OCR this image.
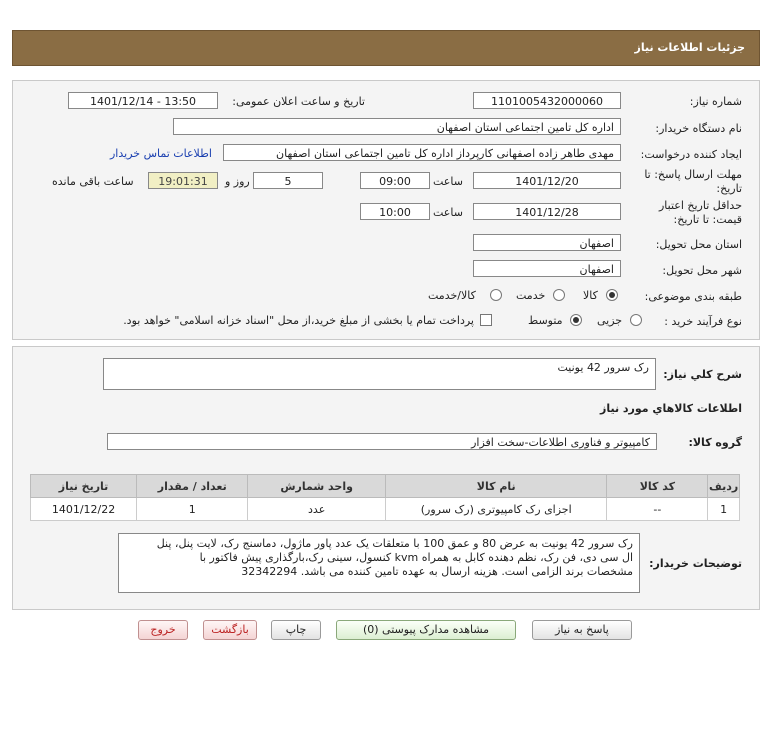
جزئیات اطلاعات نیاز
شماره نیاز:
1101005432000060
تاریخ و ساعت اعلان عمومی:
1401/12/14 - 13:50
نام دستگاه خریدار:
اداره کل تامین اجتماعی استان اصفهان
ایجاد کننده درخواست:
مهدی طاهر زاده اصفهانی کارپرداز اداره کل تامین اجتماعی استان اصفهان
اطلاعات تماس خریدار
مهلت ارسال پاسخ: تا
تاریخ:
1401/12/20
ساعت
09:00
5
روز و
19:01:31
ساعت باقی مانده
حداقل تاریخ اعتبار
قیمت: تا تاریخ:
1401/12/28
ساعت
10:00
استان محل تحویل:
اصفهان
شهر محل تحویل:
اصفهان
طبقه بندی موضوعی:
کالا
خدمت
کالا/خدمت
نوع فرآیند خرید :
جزیی
متوسط
پرداخت تمام یا بخشی از مبلغ خرید،از محل "اسناد خزانه اسلامی" خواهد بود.
شرح كلي نياز:
رک سرور 42 یونیت
اطلاعات كالاهاي مورد نياز
گروه کالا:
کامپیوتر و فناوری اطلاعات-سخت افزار
ردیف	کد کالا	نام کالا	واحد شمارش	تعداد / مقدار	تاریخ نیاز
1	--	اجزای رک کامپیوتری (رک سرور)	عدد	1	1401/12/22
توضیحات خریدار:
رک سرور 42 یونیت به عرض 80 و عمق 100 با متعلقات یک عدد پاور ماژول، دماسنج رک، لایت پنل، پنل
ال سی دی، فن رک، نظم دهنده کابل به همراه kvm کنسول، سینی رک،بارگذاری پیش فاکتور با
مشخصات برند الزامی است. هزینه ارسال به عهده تامین کننده می باشد. 32342294
پاسخ به نیاز
مشاهده مدارک پیوستی (0)
چاپ
بازگشت
خروج
